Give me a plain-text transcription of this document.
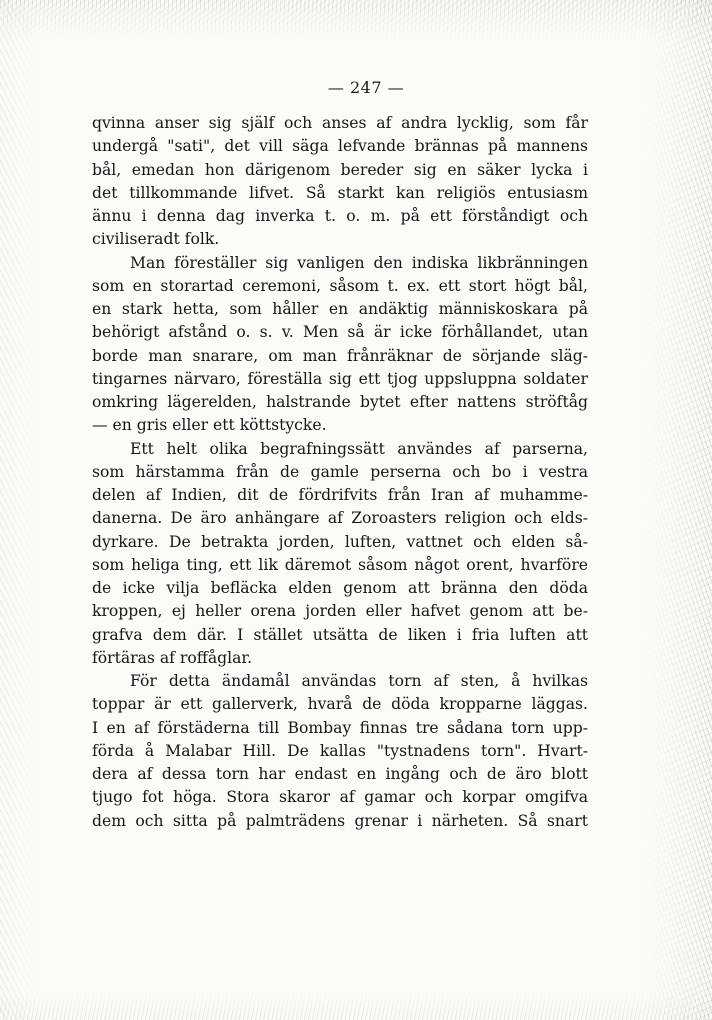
— 247 —
qvinna anser sig själf och anses af andra lycklig, som får
undergå "sati", det vill säga lefvande brännas på mannens
bål, emedan hon därigenom bereder sig en säker lycka i
det tillkommande lifvet. Så starkt kan religiös entusiasm
ännu i denna dag inverka t. o. m. på ett förståndigt och
civiliseradt folk.
Man föreställer sig vanligen den indiska likbränningen
som en storartad ceremoni, såsom t. ex. ett stort högt bål,
en stark hetta, som håller en andäktig människoskara på
behörigt afstånd o. s. v. Men så är icke förhållandet, utan
borde man snarare, om man frånräknar de sörjande släg-
tingarnes närvaro, föreställa sig ett tjog uppsluppna soldater
omkring lägerelden, halstrande bytet efter nattens ströftåg
— en gris eller ett köttstycke.
Ett helt olika begrafningssätt användes af parserna,
som härstamma från de gamle perserna och bo i vestra
delen af Indien, dit de fördrifvits från Iran af muhamme-
danerna. De äro anhängare af Zoroasters religion och elds-
dyrkare. De betrakta jorden, luften, vattnet och elden så-
som heliga ting, ett lik däremot såsom något orent, hvarföre
de icke vilja befläcka elden genom att bränna den döda
kroppen, ej heller orena jorden eller hafvet genom att be-
grafva dem där. I stället utsätta de liken i fria luften att
förtäras af roffåglar.
För detta ändamål användas torn af sten, å hvilkas
toppar är ett gallerverk, hvarå de döda kropparne läggas.
I en af förstäderna till Bombay finnas tre sådana torn upp-
förda å Malabar Hill. De kallas "tystnadens torn". Hvart-
dera af dessa torn har endast en ingång och de äro blott
tjugo fot höga. Stora skaror af gamar och korpar omgifva
dem och sitta på palmträdens grenar i närheten. Så snart
